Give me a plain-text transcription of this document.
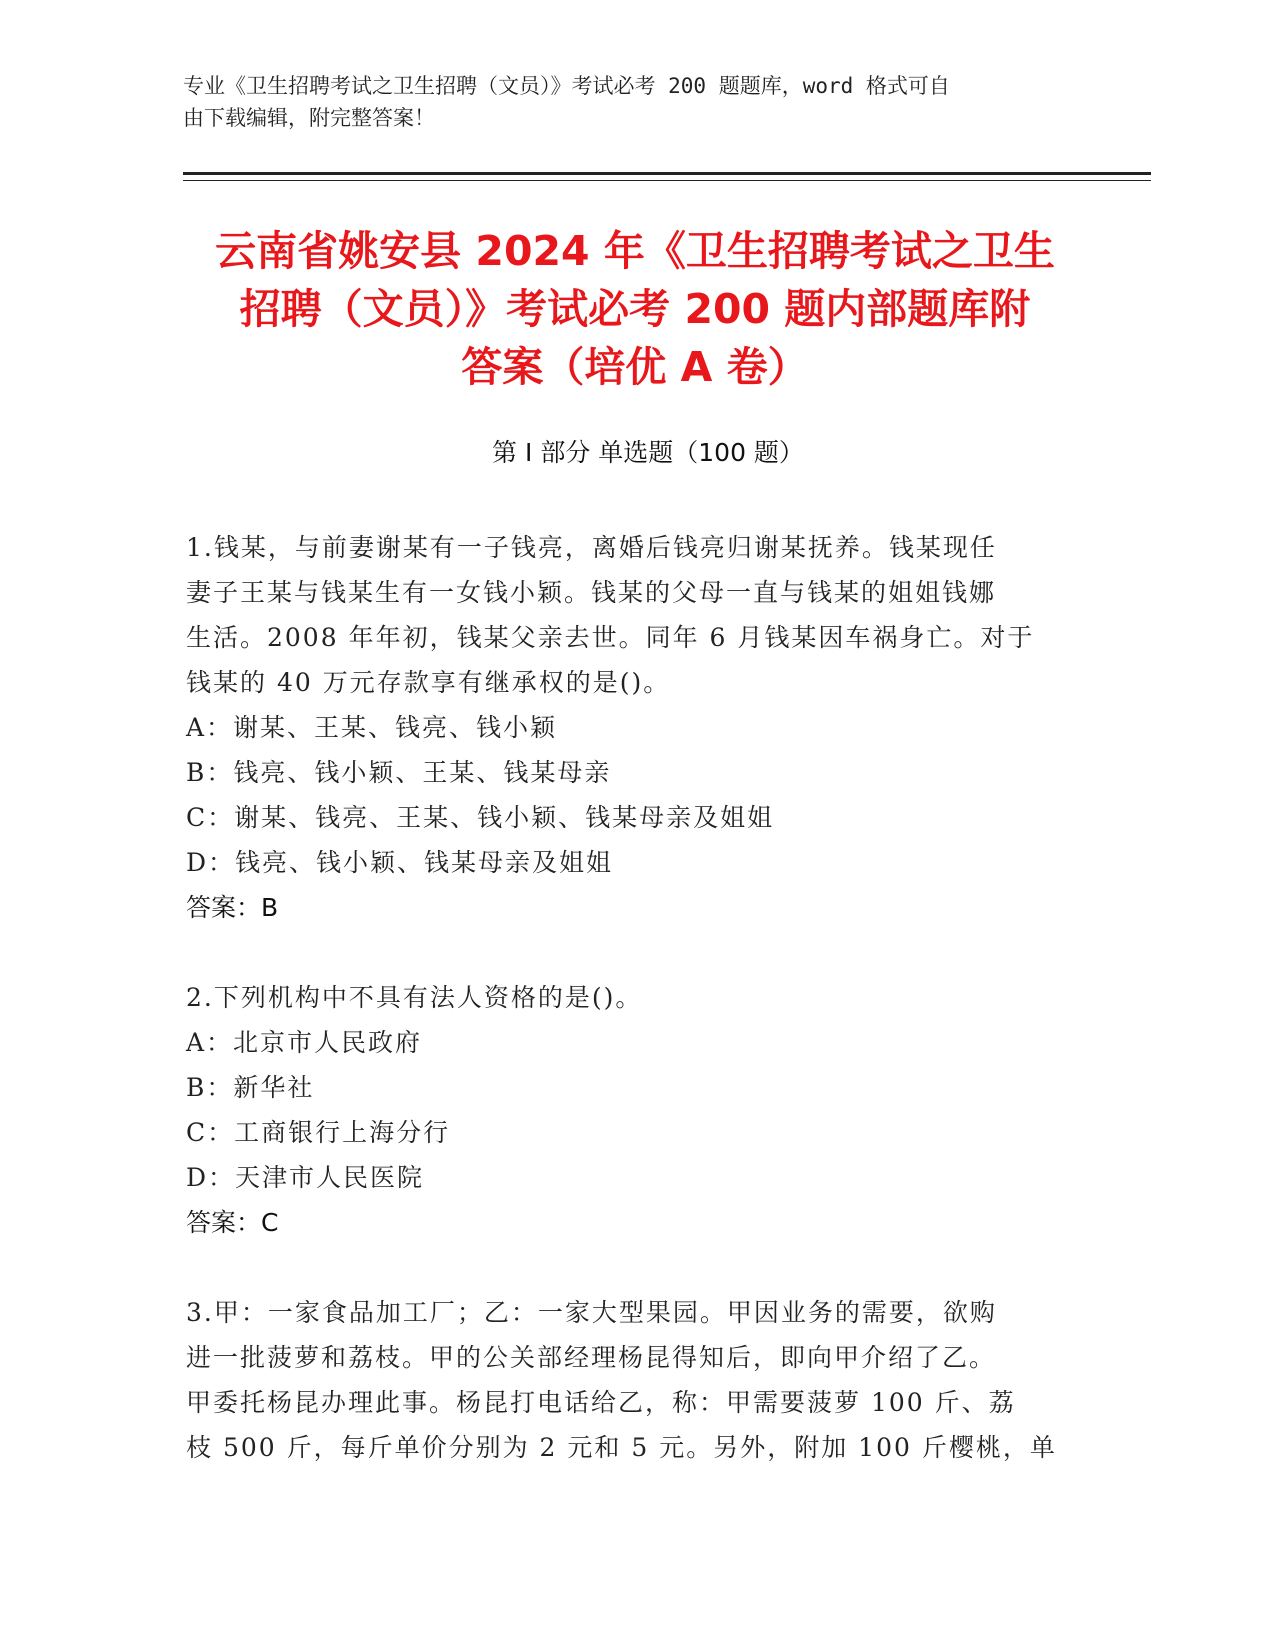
专业《卫生招聘考试之卫生招聘（文员）》考试必考 200 题题库，word 格式可自
由下载编辑，附完整答案！
云南省姚安县 2024 年《卫生招聘考试之卫生
招聘（文员）》考试必考 200 题内部题库附
答案（培优 A 卷）
第 I 部分 单选题（100 题）
1.钱某，与前妻谢某有一子钱亮，离婚后钱亮归谢某抚养。钱某现任
妻子王某与钱某生有一女钱小颖。钱某的父母一直与钱某的姐姐钱娜
生活。2008 年年初，钱某父亲去世。同年 6 月钱某因车祸身亡。对于
钱某的 40 万元存款享有继承权的是()。
A：谢某、王某、钱亮、钱小颖
B：钱亮、钱小颖、王某、钱某母亲
C：谢某、钱亮、王某、钱小颖、钱某母亲及姐姐
D：钱亮、钱小颖、钱某母亲及姐姐
答案：B
2.下列机构中不具有法人资格的是()。
A：北京市人民政府
B：新华社
C：工商银行上海分行
D：天津市人民医院
答案：C
3.甲：一家食品加工厂；乙：一家大型果园。甲因业务的需要，欲购
进一批菠萝和荔枝。甲的公关部经理杨昆得知后，即向甲介绍了乙。
甲委托杨昆办理此事。杨昆打电话给乙，称：甲需要菠萝 100 斤、荔
枝 500 斤，每斤单价分别为 2 元和 5 元。另外，附加 100 斤樱桃，单
